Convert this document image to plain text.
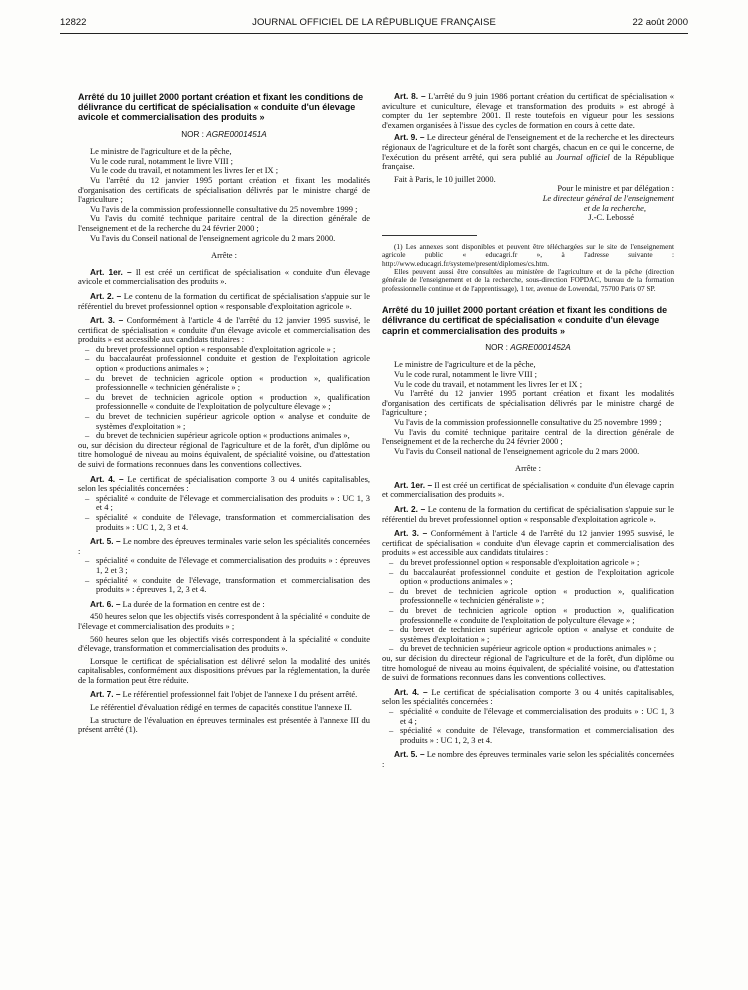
12822	JOURNAL OFFICIEL DE LA RÉPUBLIQUE FRANÇAISE	22 août 2000

Arrêté du 10 juillet 2000 portant création et fixant les conditions de délivrance du certificat de spécialisation « conduite d'un élevage avicole et commercialisation des produits »

NOR : AGRE0001451A

Le ministre de l'agriculture et de la pêche,

Vu le code rural, notamment le livre VIII ;

Vu le code du travail, et notamment les livres Ier et IX ;

Vu l'arrêté du 12 janvier 1995 portant création et fixant les modalités d'organisation des certificats de spécialisation délivrés par le ministre chargé de l'agriculture ;

Vu l'avis de la commission professionnelle consultative du 25 novembre 1999 ;

Vu l'avis du comité technique paritaire central de la direction générale de l'enseignement et de la recherche du 24 février 2000 ;

Vu l'avis du Conseil national de l'enseignement agricole du 2 mars 2000.

Arrête :

Art. 1er. – Il est créé un certificat de spécialisation « conduite d'un élevage avicole et commercialisation des produits ».

Art. 2. – Le contenu de la formation du certificat de spécialisation s'appuie sur le référentiel du brevet professionnel option « responsable d'exploitation agricole ».

Art. 3. – Conformément à l'article 4 de l'arrêté du 12 janvier 1995 susvisé, le certificat de spécialisation « conduite d'un élevage avicole et commercialisation des produits » est accessible aux candidats titulaires :

– du brevet professionnel option « responsable d'exploitation agricole » ;
– du baccalauréat professionnel conduite et gestion de l'exploitation agricole option « productions animales » ;
– du brevet de technicien agricole option « production », qualification professionnelle « technicien généraliste » ;
– du brevet de technicien agricole option « production », qualification professionnelle « conduite de l'exploitation de polyculture élevage » ;
– du brevet de technicien supérieur agricole option « analyse et conduite de systèmes d'exploitation » ;
– du brevet de technicien supérieur agricole option « productions animales »,

ou, sur décision du directeur régional de l'agriculture et de la forêt, d'un diplôme ou titre homologué de niveau au moins équivalent, de spécialité voisine, ou d'attestation de suivi de formations reconnues dans les conventions collectives.

Art. 4. – Le certificat de spécialisation comporte 3 ou 4 unités capitalisables, selon les spécialités concernées :

– spécialité « conduite de l'élevage et commercialisation des produits » : UC 1, 3 et 4 ;
– spécialité « conduite de l'élevage, transformation et commercialisation des produits » : UC 1, 2, 3 et 4.

Art. 5. – Le nombre des épreuves terminales varie selon les spécialités concernées :

– spécialité « conduite de l'élevage et commercialisation des produits » : épreuves 1, 2 et 3 ;
– spécialité « conduite de l'élevage, transformation et commercialisation des produits » : épreuves 1, 2, 3 et 4.

Art. 6. – La durée de la formation en centre est de :

450 heures selon que les objectifs visés correspondent à la spécialité « conduite de l'élevage et commercialisation des produits » ;

560 heures selon que les objectifs visés correspondent à la spécialité « conduite d'élevage, transformation et commercialisation des produits ».

Lorsque le certificat de spécialisation est délivré selon la modalité des unités capitalisables, conformément aux dispositions prévues par la réglementation, la durée de la formation peut être réduite.

Art. 7. – Le référentiel professionnel fait l'objet de l'annexe I du présent arrêté.

Le référentiel d'évaluation rédigé en termes de capacités constitue l'annexe II.

La structure de l'évaluation en épreuves terminales est présentée à l'annexe III du présent arrêté (1).

Art. 8. – L'arrêté du 9 juin 1986 portant création du certificat de spécialisation « aviculture et cuniculture, élevage et transformation des produits » est abrogé à compter du 1er septembre 2001. Il reste toutefois en vigueur pour les sessions d'examen organisées à l'issue des cycles de formation en cours à cette date.

Art. 9. – Le directeur général de l'enseignement et de la recherche et les directeurs régionaux de l'agriculture et de la forêt sont chargés, chacun en ce qui le concerne, de l'exécution du présent arrêté, qui sera publié au Journal officiel de la République française.

Fait à Paris, le 10 juillet 2000.

Pour le ministre et par délégation :

Le directeur général de l'enseignement

et de la recherche,

J.-C. Lebossé

(1) Les annexes sont disponibles et peuvent être téléchargées sur le site de l'enseignement agricole public « educagri.fr », à l'adresse suivante : http://www.educagri.fr/systeme/present/diplomes/cs.htm.

Elles peuvent aussi être consultées au ministère de l'agriculture et de la pêche (direction générale de l'enseignement et de la recherche, sous-direction FOPDAC, bureau de la formation professionnelle continue et de l'apprentissage), 1 ter, avenue de Lowendal, 75700 Paris 07 SP.

Arrêté du 10 juillet 2000 portant création et fixant les conditions de délivrance du certificat de spécialisation « conduite d'un élevage caprin et commercialisation des produits »

NOR : AGRE0001452A

Le ministre de l'agriculture et de la pêche,

Vu le code rural, notamment le livre VIII ;

Vu le code du travail, et notamment les livres Ier et IX ;

Vu l'arrêté du 12 janvier 1995 portant création et fixant les modalités d'organisation des certificats de spécialisation délivrés par le ministre chargé de l'agriculture ;

Vu l'avis de la commission professionnelle consultative du 25 novembre 1999 ;

Vu l'avis du comité technique paritaire central de la direction générale de l'enseignement et de la recherche du 24 février 2000 ;

Vu l'avis du Conseil national de l'enseignement agricole du 2 mars 2000.

Arrête :

Art. 1er. – Il est créé un certificat de spécialisation « conduite d'un élevage caprin et commercialisation des produits ».

Art. 2. – Le contenu de la formation du certificat de spécialisation s'appuie sur le référentiel du brevet professionnel option « responsable d'exploitation agricole ».

Art. 3. – Conformément à l'article 4 de l'arrêté du 12 janvier 1995 susvisé, le certificat de spécialisation « conduite d'un élevage caprin et commercialisation des produits » est accessible aux candidats titulaires :

– du brevet professionnel option « responsable d'exploitation agricole » ;
– du baccalauréat professionnel conduite et gestion de l'exploitation agricole option « productions animales » ;
– du brevet de technicien agricole option « production », qualification professionnelle « technicien généraliste » ;
– du brevet de technicien agricole option « production », qualification professionnelle « conduite de l'exploitation de polyculture élevage » ;
– du brevet de technicien supérieur agricole option « analyse et conduite de systèmes d'exploitation » ;
– du brevet de technicien supérieur agricole option « productions animales » ;

ou, sur décision du directeur régional de l'agriculture et de la forêt, d'un diplôme ou titre homologué de niveau au moins équivalent, de spécialité voisine, ou d'attestation de suivi de formations reconnues dans les conventions collectives.

Art. 4. – Le certificat de spécialisation comporte 3 ou 4 unités capitalisables, selon les spécialités concernées :

– spécialité « conduite de l'élevage et commercialisation des produits » : UC 1, 3 et 4 ;
– spécialité « conduite de l'élevage, transformation et commercialisation des produits » : UC 1, 2, 3 et 4.

Art. 5. – Le nombre des épreuves terminales varie selon les spécialités concernées :
